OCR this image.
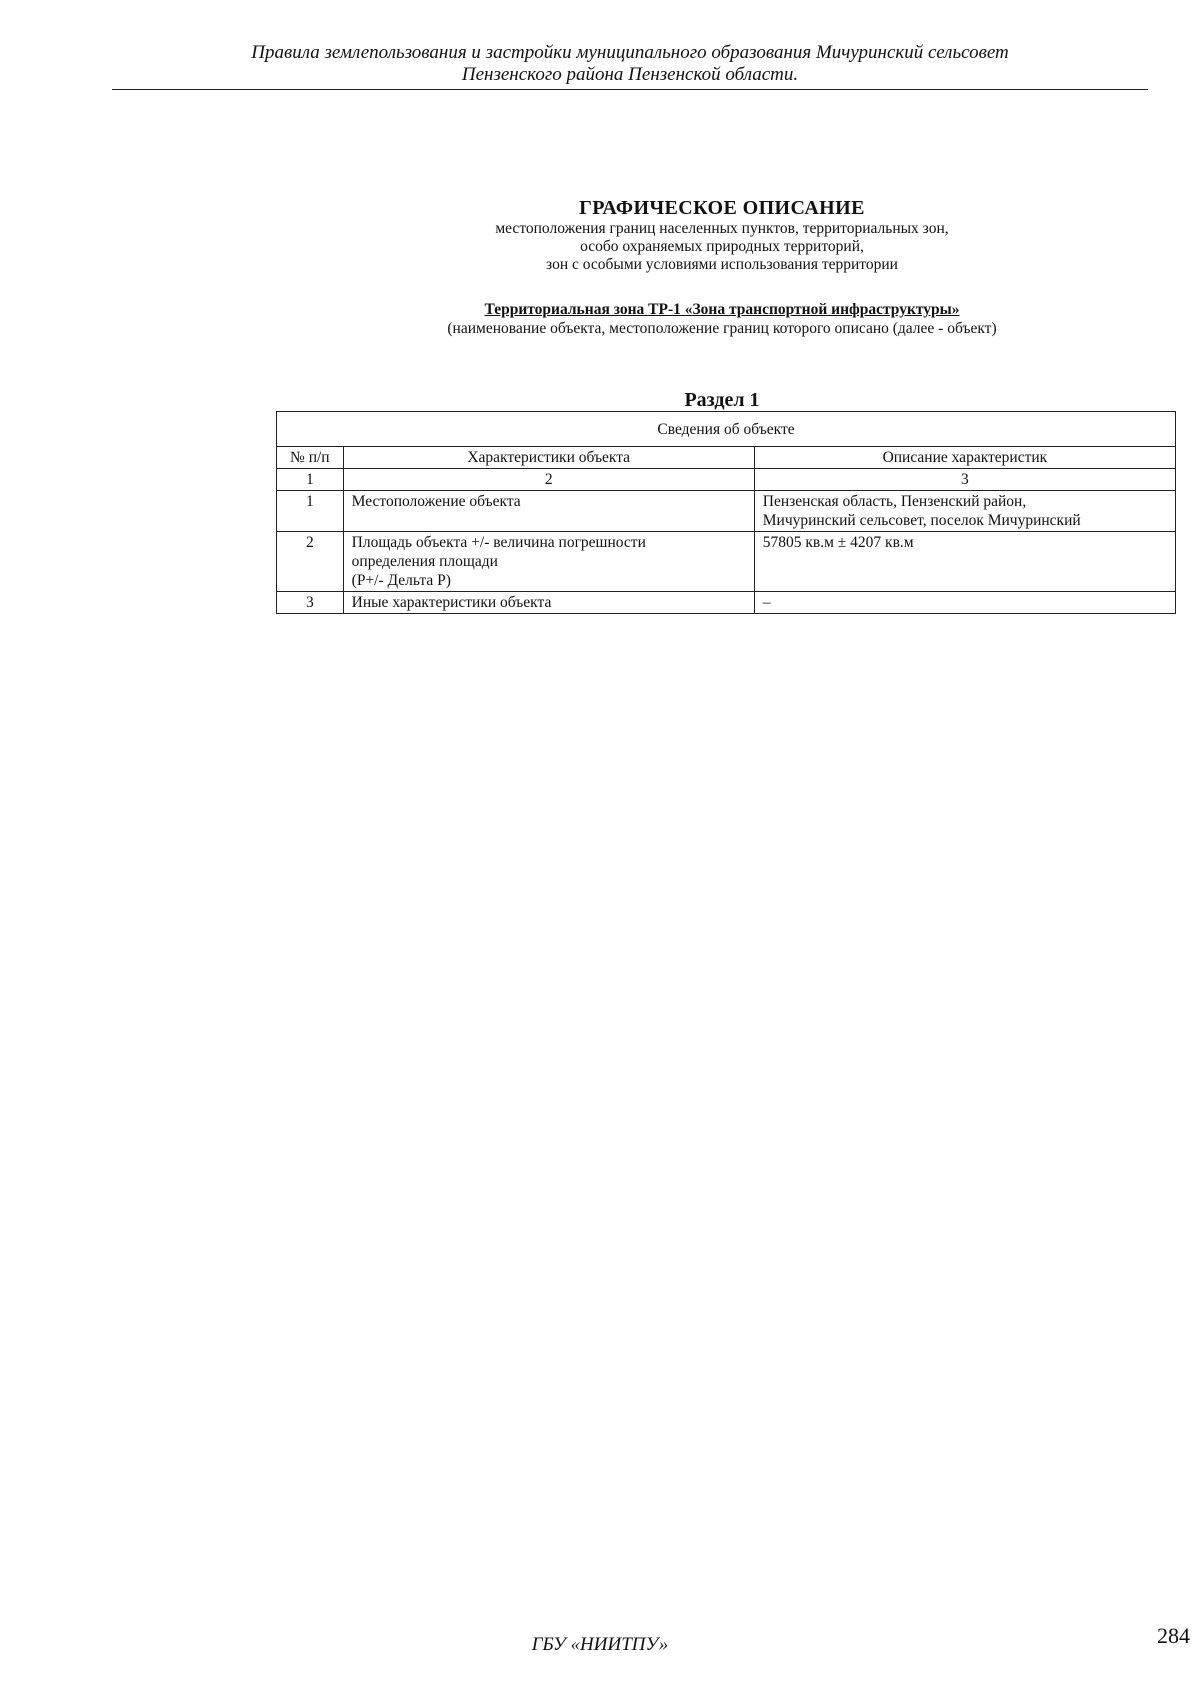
Правила землепользования и застройки муниципального образования Мичуринский сельсовет
Пензенского района Пензенской области.
ГРАФИЧЕСКОЕ ОПИСАНИЕ
местоположения границ населенных пунктов, территориальных зон,
особо охраняемых природных территорий,
зон с особыми условиями использования территории
Территориальная зона ТР-1 «Зона транспортной инфраструктуры»
(наименование объекта, местоположение границ которого описано (далее - объект)
Раздел 1
Сведения об объекте		
№ п/п	Характеристики объекта	Описание характеристик
1	2	3
1	Местоположение объекта	Пензенская область, Пензенский район,
Мичуринский сельсовет, поселок Мичуринский

2	Площадь объекта +/- величина погрешности
определения площади
(P+/- Дельта P)	57805 кв.м ± 4207 кв.м

3	Иные характеристики объекта	–
ГБУ «НИИТПУ»	284
